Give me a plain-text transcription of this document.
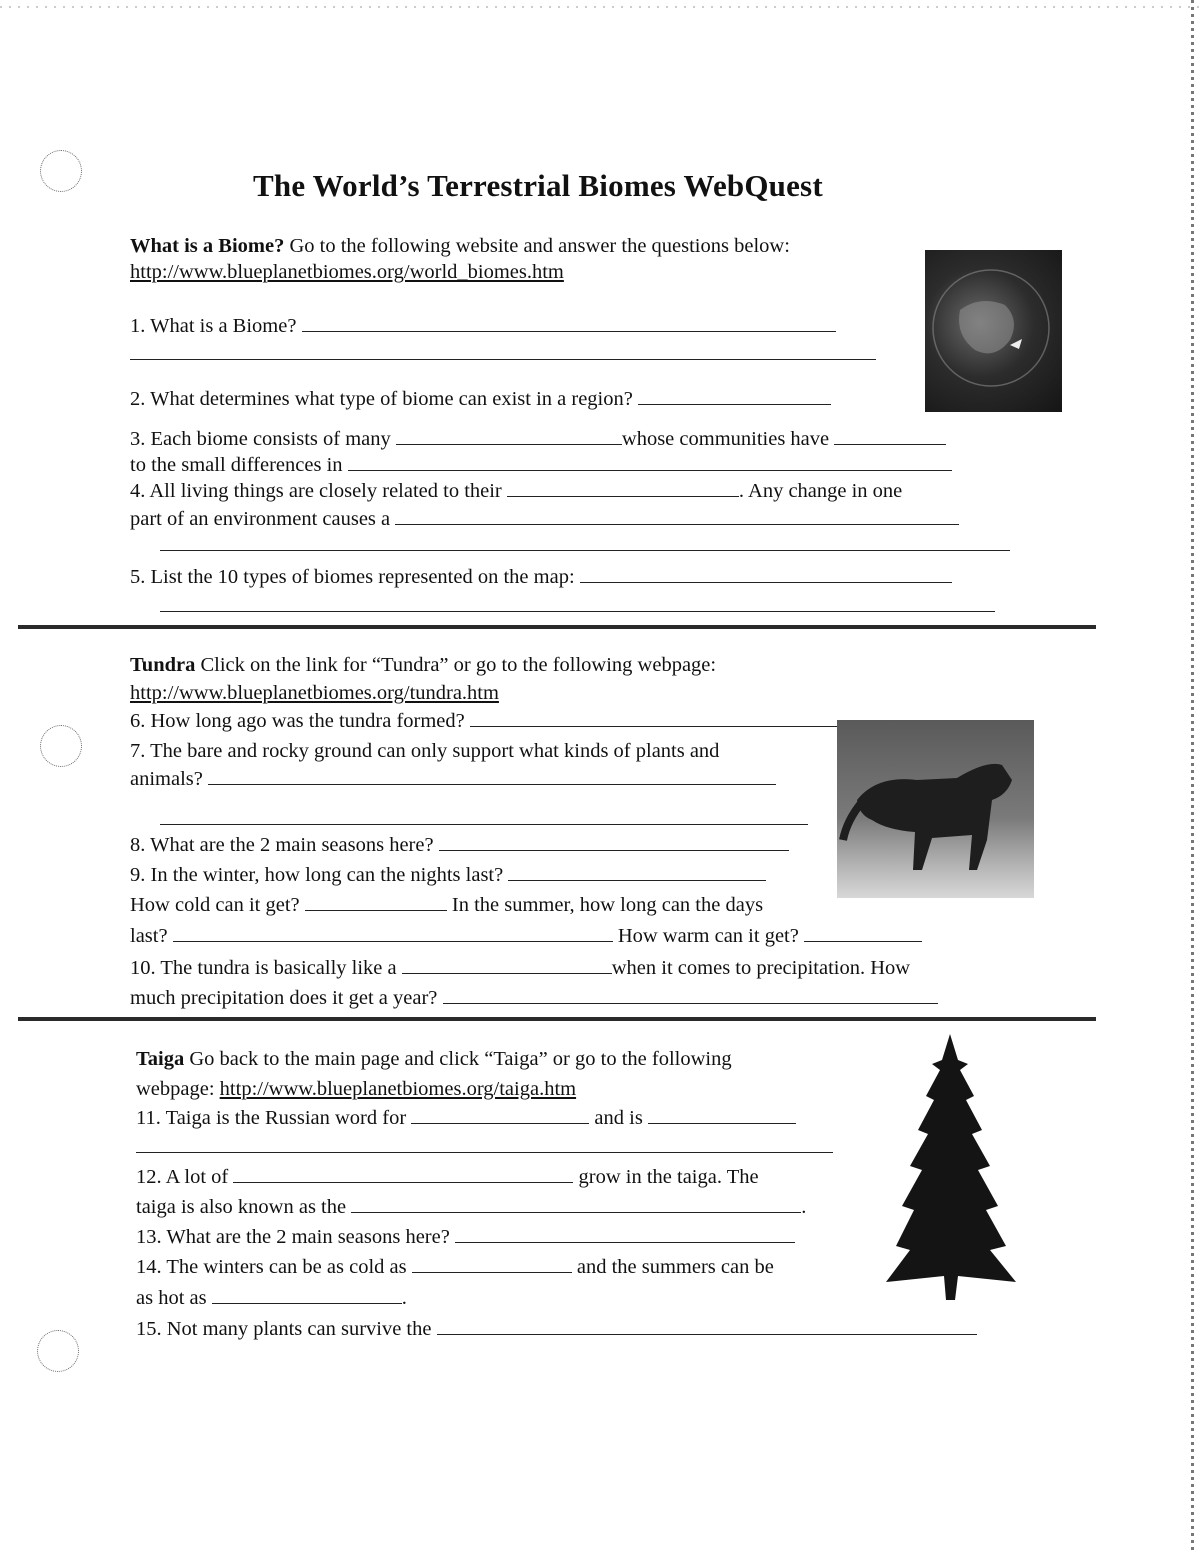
The World’s Terrestrial Biomes WebQuest
What is a Biome? Go to the following website and answer the questions below:
http://www.blueplanetbiomes.org/world_biomes.htm
1. What is a Biome?
2. What determines what type of biome can exist in a region?
3. Each biome consists of many	whose communities have
to the small differences in
4. All living things are closely related to their	. Any change in one
part of an environment causes a
5. List the 10 types of biomes represented on the map:
Tundra Click on the link for “Tundra” or go to the following webpage:
http://www.blueplanetbiomes.org/tundra.htm
6. How long ago was the tundra formed?
7. The bare and rocky ground can only support what kinds of plants and
animals?
8. What are the 2 main seasons here?
9. In the winter, how long can the nights last?
How cold can it get?	In the summer, how long can the days
last?	How warm can it get?
10. The tundra is basically like a	when it comes to precipitation. How
much precipitation does it get a year?
Taiga Go back to the main page and click “Taiga” or go to the following
webpage: http://www.blueplanetbiomes.org/taiga.htm
11. Taiga is the Russian word for	and is
12. A lot of	grow in the taiga. The
taiga is also known as the	.
13. What are the 2 main seasons here?
14. The winters can be as cold as	and the summers can be
as hot as	.
15. Not many plants can survive the
